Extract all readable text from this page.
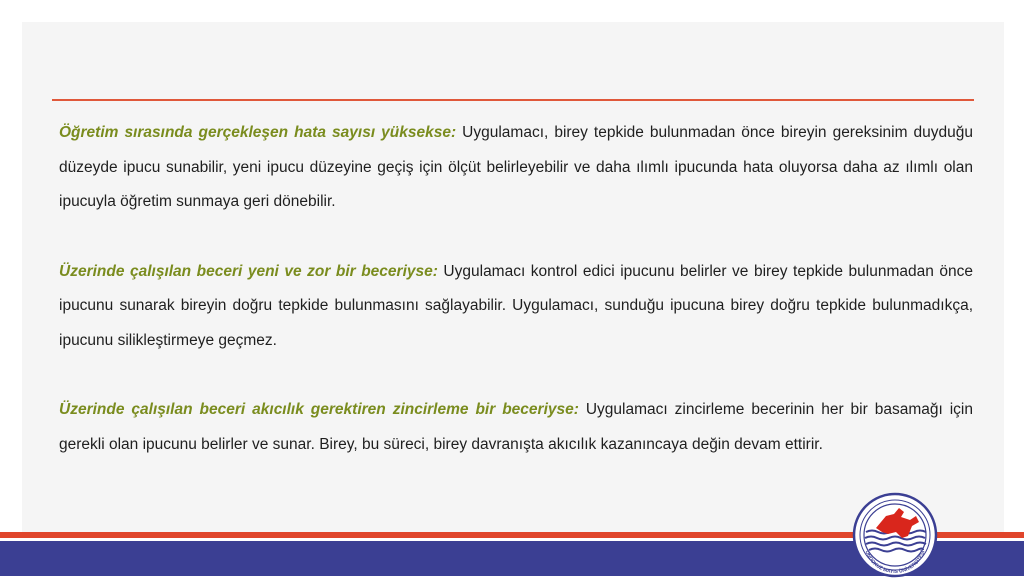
Öğretim sırasında gerçekleşen hata sayısı yüksekse: Uygulamacı, birey tepkide bulunmadan önce bireyin gereksinim duyduğu düzeyde ipucu sunabilir, yeni ipucu düzeyine geçiş için ölçüt belirleyebilir ve daha ılımlı ipucunda hata oluyorsa daha az ılımlı olan ipucuyla öğretim sunmaya geri dönebilir.

Üzerinde çalışılan beceri yeni ve zor bir beceriyse: Uygulamacı kontrol edici ipucunu belirler ve birey tepkide bulunmadan önce ipucunu sunarak bireyin doğru tepkide bulunmasını sağlayabilir. Uygulamacı, sunduğu ipucuna birey doğru tepkide bulunmadıkça, ipucunu silikleştirmeye geçmez.

Üzerinde çalışılan beceri akıcılık gerektiren zincirleme bir beceriyse: Uygulamacı zincirleme becerinin her bir basamağı için gerekli olan ipucunu belirler ve sunar. Birey, bu süreci, birey davranışta akıcılık kazanıncaya değin devam ettirir.

ONDOKUZ MAYIS ÜNİVERSİTESİ
